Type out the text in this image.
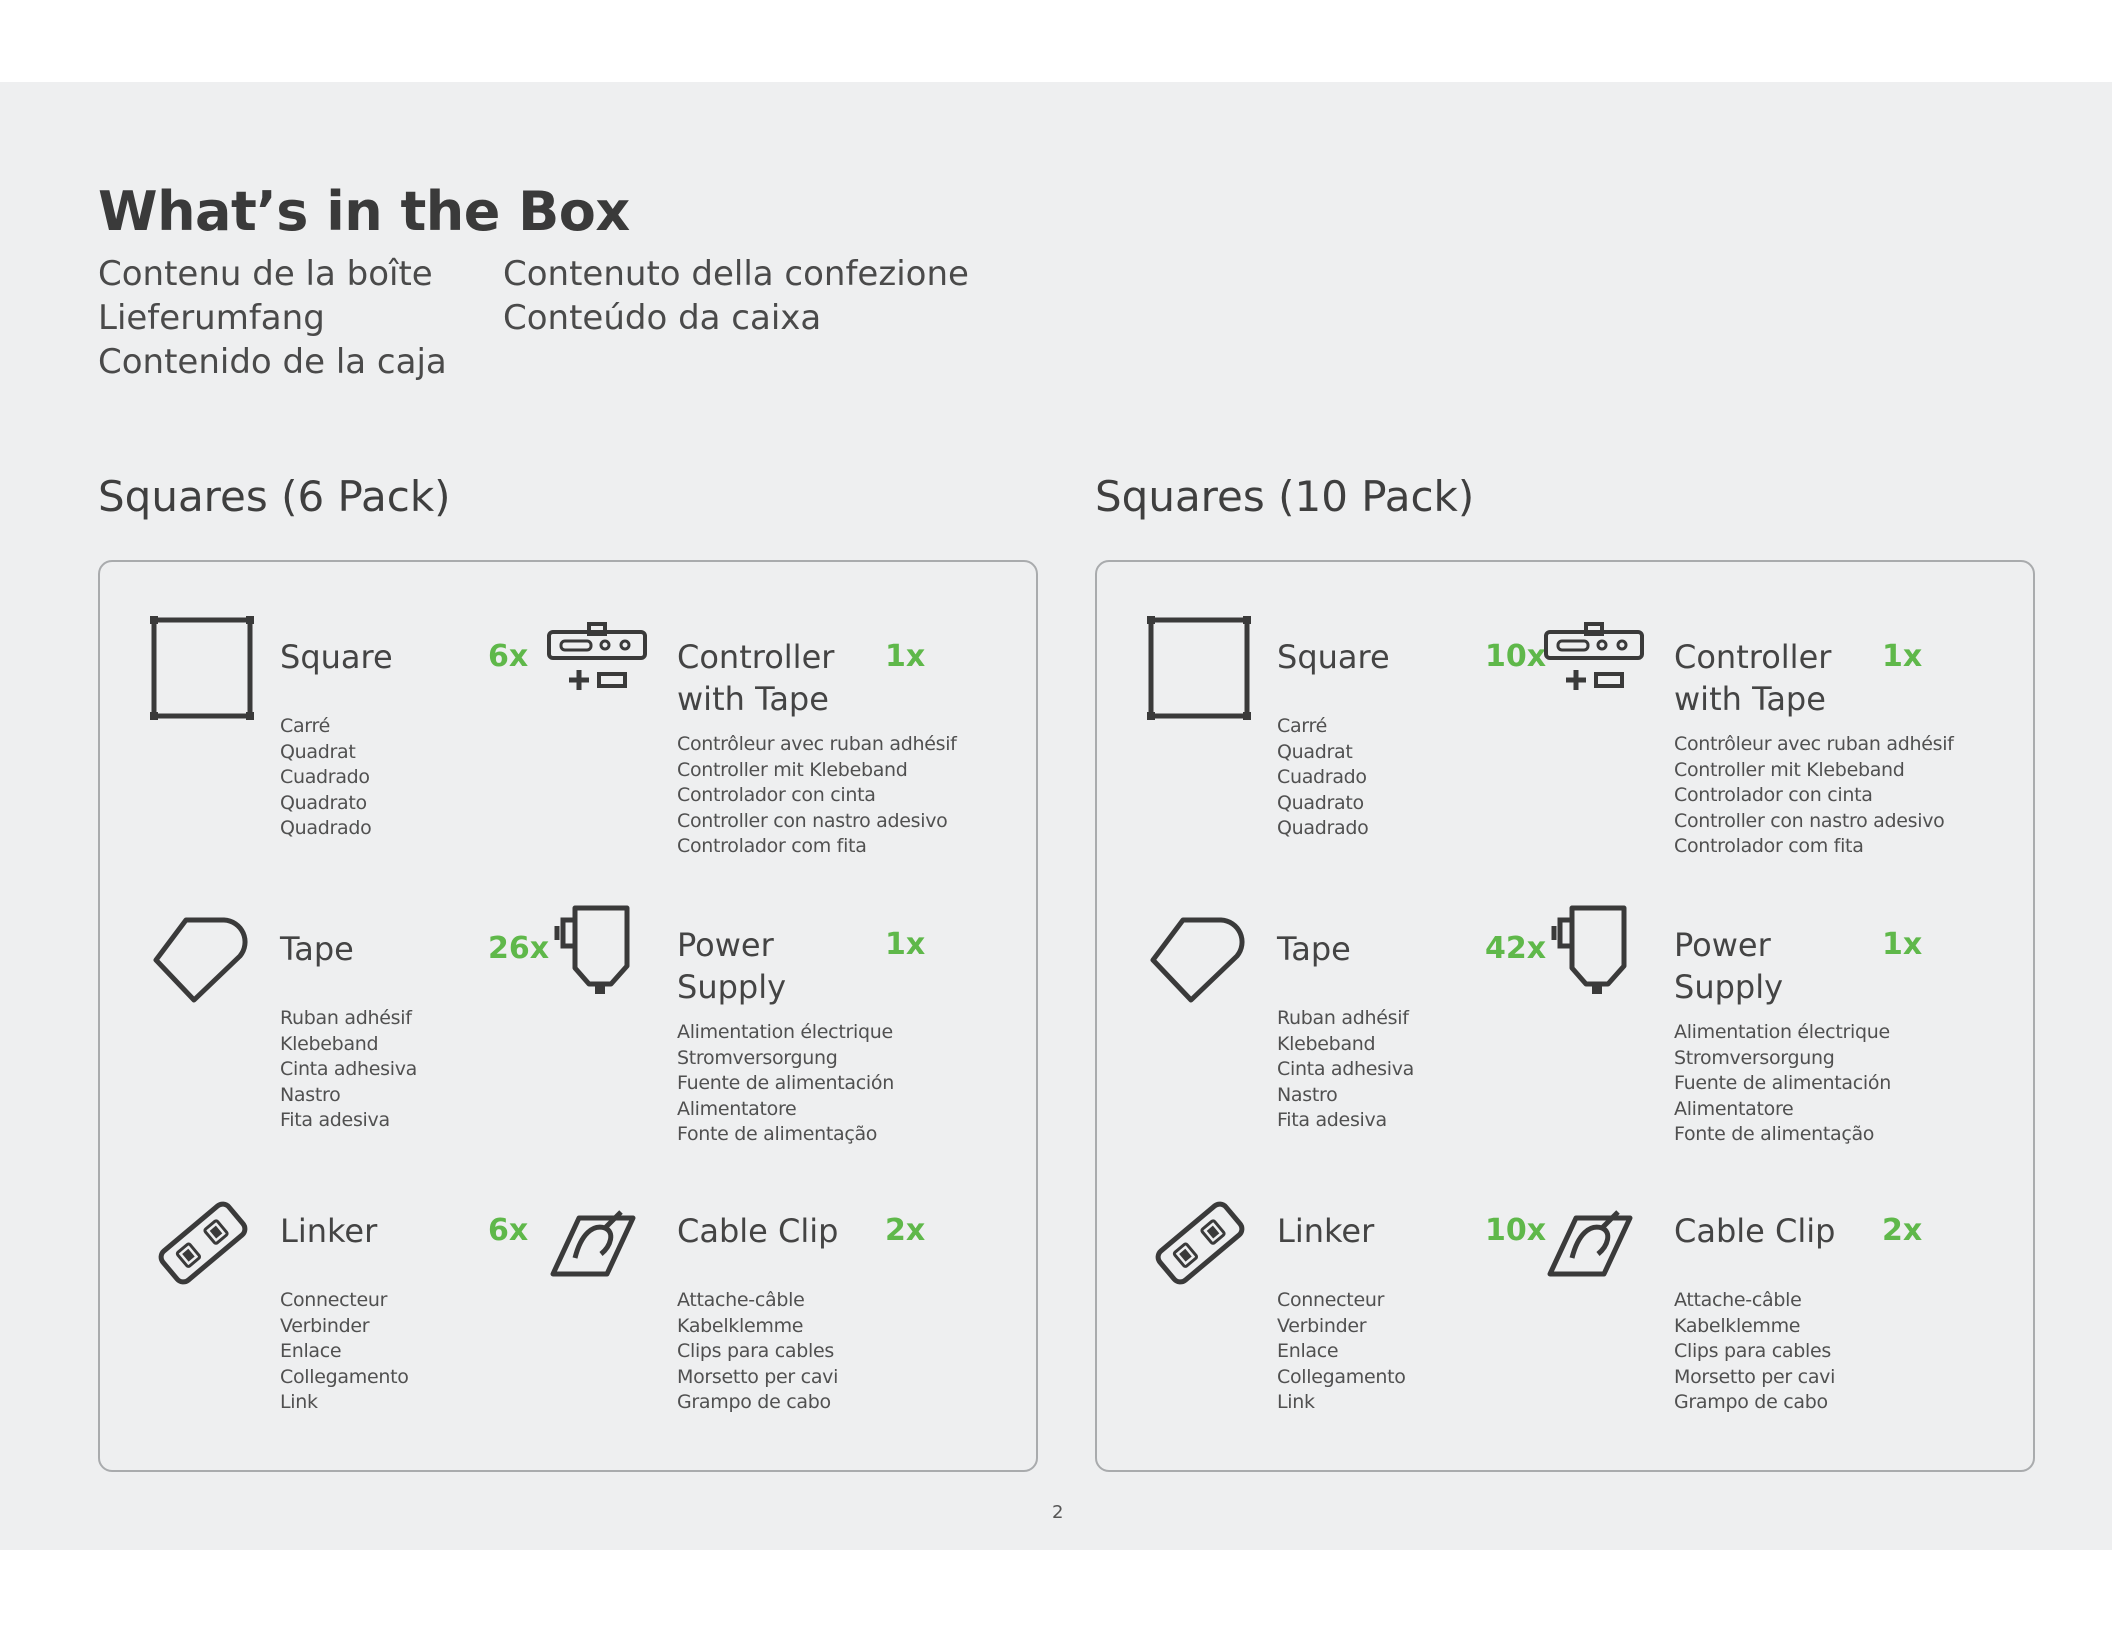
What’s in the Box
Contenu de la boîte	Contenuto della confezione
Lieferumfang	Conteúdo da caixa
Contenido de la caja
Squares (6 Pack)
Square	6x
Carré
Quadrat
Cuadrado
Quadrato
Quadrado
Controller
with Tape
1x
Contrôleur avec ruban adhésif
Controller mit Klebeband
Controlador con cinta
Controller con nastro adesivo
Controlador com fita
Tape	26x
Ruban adhésif
Klebeband
Cinta adhesiva
Nastro
Fita adesiva
Power
Supply
1x
Alimentation électrique
Stromversorgung
Fuente de alimentación
Alimentatore
Fonte de alimentação
Linker	6x
Connecteur
Verbinder
Enlace
Collegamento
Link
Cable Clip	2x
Attache-câble
Kabelklemme
Clips para cables
Morsetto per cavi
Grampo de cabo
Squares (10 Pack)
Square	10x
Carré
Quadrat
Cuadrado
Quadrato
Quadrado
Controller
with Tape
1x
Contrôleur avec ruban adhésif
Controller mit Klebeband
Controlador con cinta
Controller con nastro adesivo
Controlador com fita
Tape	42x
Ruban adhésif
Klebeband
Cinta adhesiva
Nastro
Fita adesiva
Power
Supply
1x
Alimentation électrique
Stromversorgung
Fuente de alimentación
Alimentatore
Fonte de alimentação
Linker	10x
Connecteur
Verbinder
Enlace
Collegamento
Link
Cable Clip	2x
Attache-câble
Kabelklemme
Clips para cables
Morsetto per cavi
Grampo de cabo
2
